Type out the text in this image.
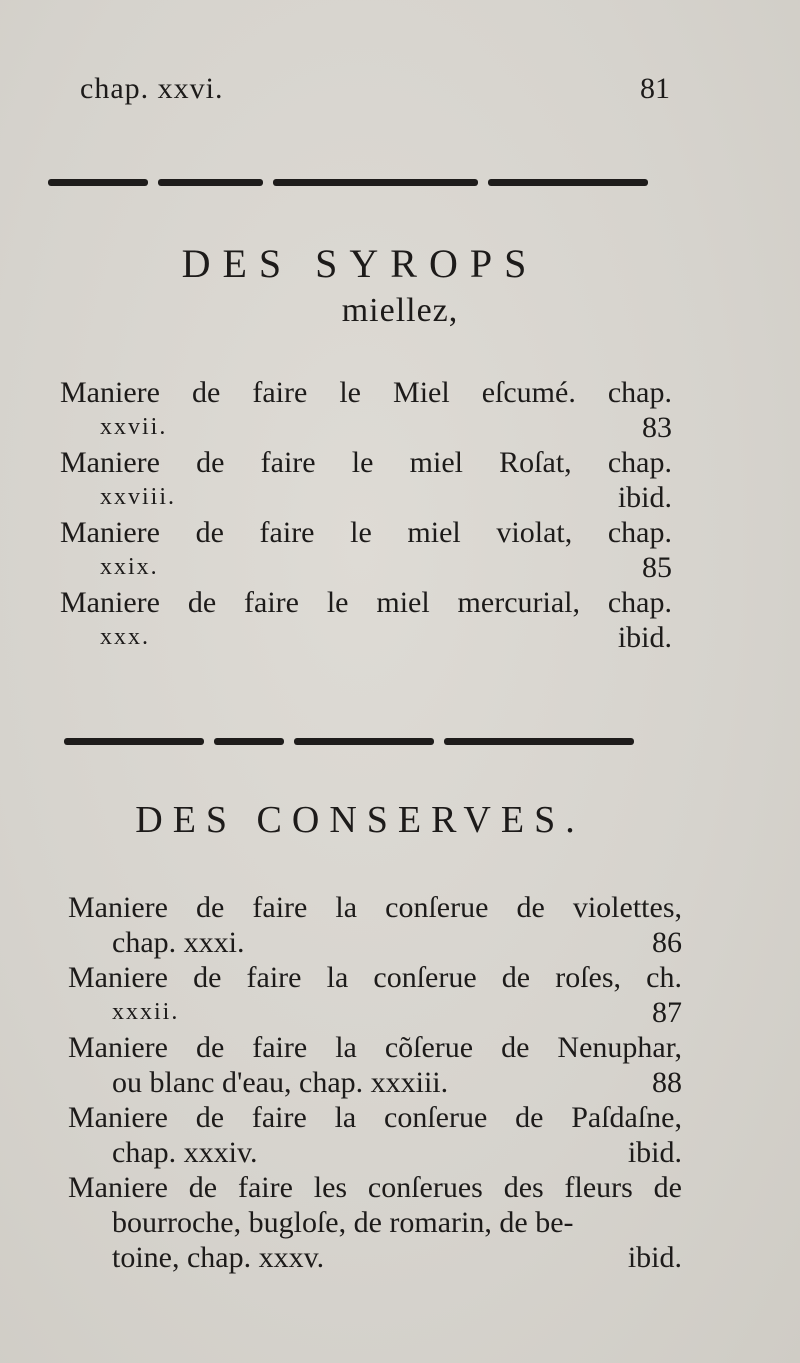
chap. xxvi.	81
DES SYROPS
miellez,
Maniere de faire le Miel eſcumé. chap.
xxvii.	83
Maniere de faire le miel Roſat, chap.
xxviii.	ibid.
Maniere de faire le miel violat, chap.
xxix.	85
Maniere de faire le miel mercurial, chap.
xxx.	ibid.
DES CONSERVES.
Maniere de faire la conſerue de violettes,
chap. xxxi.	86
Maniere de faire la conſerue de roſes, ch.
xxxii.	87
Maniere de faire la cõſerue de Nenuphar,
ou blanc d'eau, chap. xxxiii.	88
Maniere de faire la conſerue de Paſdaſne,
chap. xxxiv.	ibid.
Maniere de faire les conſerues des fleurs de
bourroche, bugloſe, de romarin, de be-
toine, chap. xxxv.	ibid.
